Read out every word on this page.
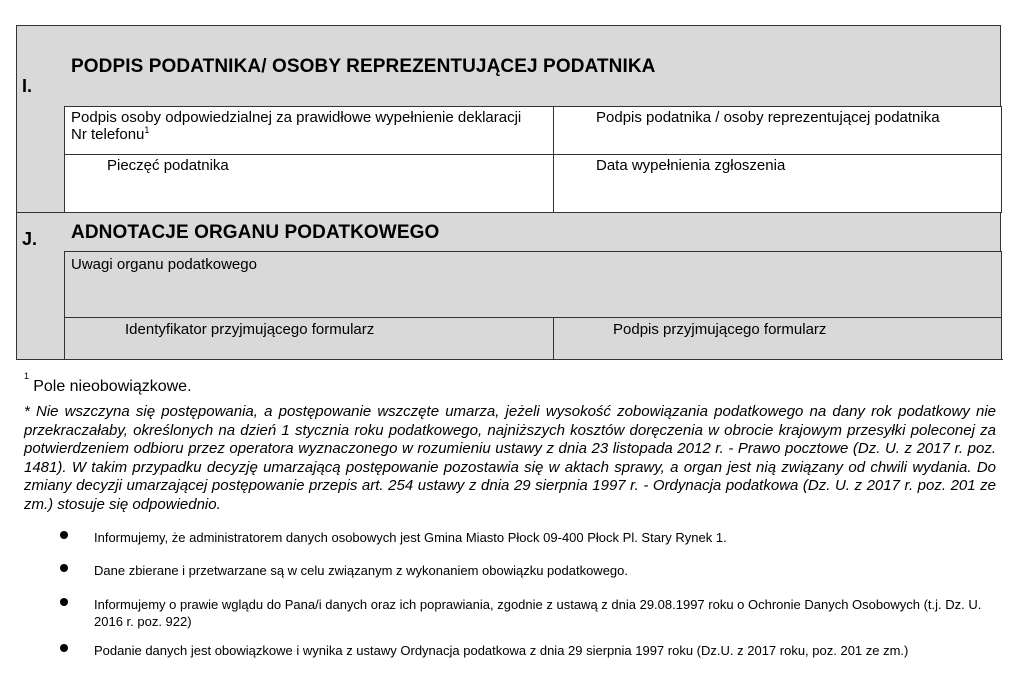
I.
PODPIS PODATNIKA/ OSOBY REPREZENTUJĄCEJ PODATNIKA
Podpis osoby odpowiedzialnej za prawidłowe wypełnienie deklaracji
Nr telefonu$^1$
Podpis podatnika / osoby reprezentującej podatnika
Pieczęć podatnika	Data wypełnienia zgłoszenia
J. ADNOTACJE ORGANU PODATKOWEGO
Uwagi organu podatkowego
Identyfikator przyjmującego formularz	Podpis przyjmującego formularz
$^1$ Pole nieobowiązkowe.
* Nie wszczyna się postępowania, a postępowanie wszczęte umarza, jeżeli wysokość zobowiązania podatkowego na dany rok podatkowy nie przekraczałaby, określonych na dzień 1 stycznia roku podatkowego, najniższych kosztów doręczenia w obrocie krajowym przesyłki poleconej za potwierdzeniem odbioru przez operatora wyznaczonego w rozumieniu ustawy z dnia 23 listopada 2012 r. - Prawo pocztowe (Dz. U. z 2017 r. poz. 1481). W takim przypadku decyzję umarzającą postępowanie pozostawia się w aktach sprawy, a organ jest nią związany od chwili wydania. Do zmiany decyzji umarzającej postępowanie przepis art. 254 ustawy z dnia 29 sierpnia 1997 r. - Ordynacja podatkowa (Dz. U. z 2017 r. poz. 201 ze zm.) stosuje się odpowiednio.
Informujemy, że administratorem danych osobowych jest Gmina Miasto Płock 09-400 Płock Pl. Stary Rynek 1.
Dane zbierane i przetwarzane są w celu związanym z wykonaniem obowiązku podatkowego.
Informujemy o prawie wglądu do Pana/i danych oraz ich poprawiania, zgodnie z ustawą z dnia 29.08.1997 roku o Ochronie Danych Osobowych (t.j. Dz. U. 2016 r. poz. 922)
Podanie danych jest obowiązkowe i wynika z ustawy Ordynacja podatkowa z dnia 29 sierpnia 1997 roku (Dz.U. z 2017 roku, poz. 201 ze zm.)
